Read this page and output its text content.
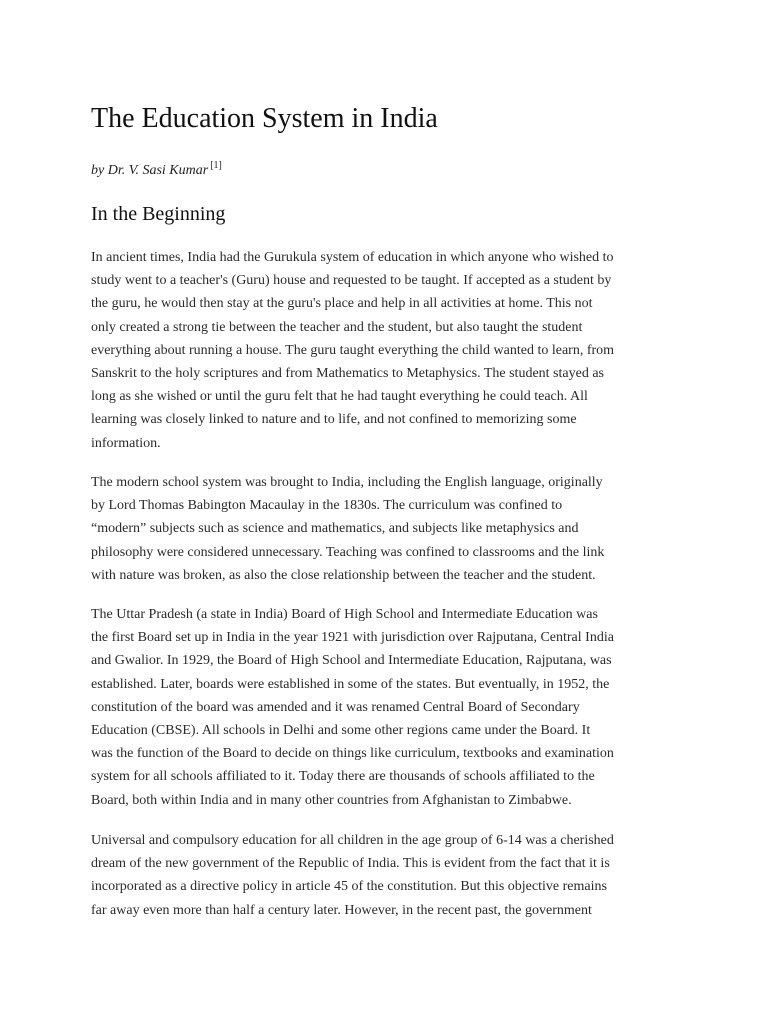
The Education System in India

by Dr. V. Sasi Kumar [1]

In the Beginning

In ancient times, India had the Gurukula system of education in which anyone who wished to
study went to a teacher's (Guru) house and requested to be taught. If accepted as a student by
the guru, he would then stay at the guru's place and help in all activities at home. This not
only created a strong tie between the teacher and the student, but also taught the student
everything about running a house. The guru taught everything the child wanted to learn, from
Sanskrit to the holy scriptures and from Mathematics to Metaphysics. The student stayed as
long as she wished or until the guru felt that he had taught everything he could teach. All
learning was closely linked to nature and to life, and not confined to memorizing some
information.

The modern school system was brought to India, including the English language, originally
by Lord Thomas Babington Macaulay in the 1830s. The curriculum was confined to
“modern” subjects such as science and mathematics, and subjects like metaphysics and
philosophy were considered unnecessary. Teaching was confined to classrooms and the link
with nature was broken, as also the close relationship between the teacher and the student.

The Uttar Pradesh (a state in India) Board of High School and Intermediate Education was
the first Board set up in India in the year 1921 with jurisdiction over Rajputana, Central India
and Gwalior. In 1929, the Board of High School and Intermediate Education, Rajputana, was
established. Later, boards were established in some of the states. But eventually, in 1952, the
constitution of the board was amended and it was renamed Central Board of Secondary
Education (CBSE). All schools in Delhi and some other regions came under the Board. It
was the function of the Board to decide on things like curriculum, textbooks and examination
system for all schools affiliated to it. Today there are thousands of schools affiliated to the
Board, both within India and in many other countries from Afghanistan to Zimbabwe.

Universal and compulsory education for all children in the age group of 6-14 was a cherished
dream of the new government of the Republic of India. This is evident from the fact that it is
incorporated as a directive policy in article 45 of the constitution. But this objective remains
far away even more than half a century later. However, in the recent past, the government
